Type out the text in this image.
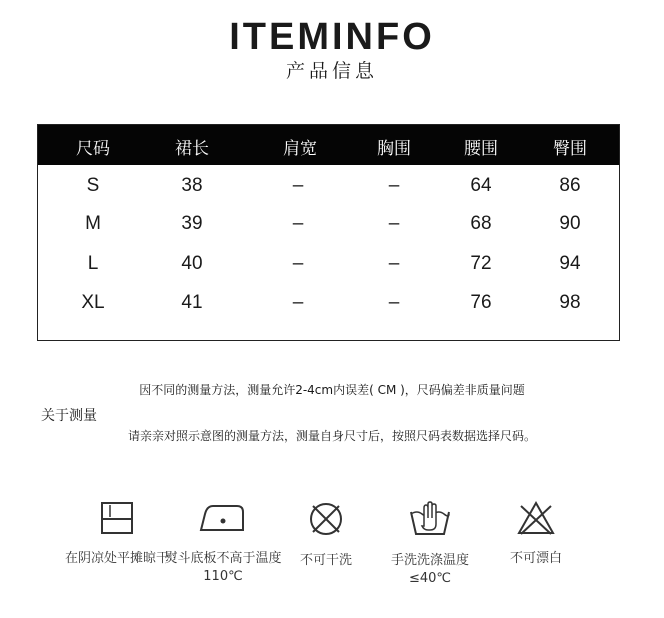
ITEMINFO
产品信息
尺码	裙长	肩宽	胸围	腰围	臀围
S	38	–	–	64	86
M	39	–	–	68	90
L	40	–	–	72	94
XL	41	–	–	76	98
因不同的测量方法，测量允许2-4cm内误差( CM )，尺码偏差非质量问题
关于测量
请亲亲对照示意图的测量方法，测量自身尺寸后，按照尺码表数据选择尺码。
在阴凉处平摊晾干
熨斗底板不高于温度110℃
不可干洗	手洗洗涤温度≤40℃
不可漂白
